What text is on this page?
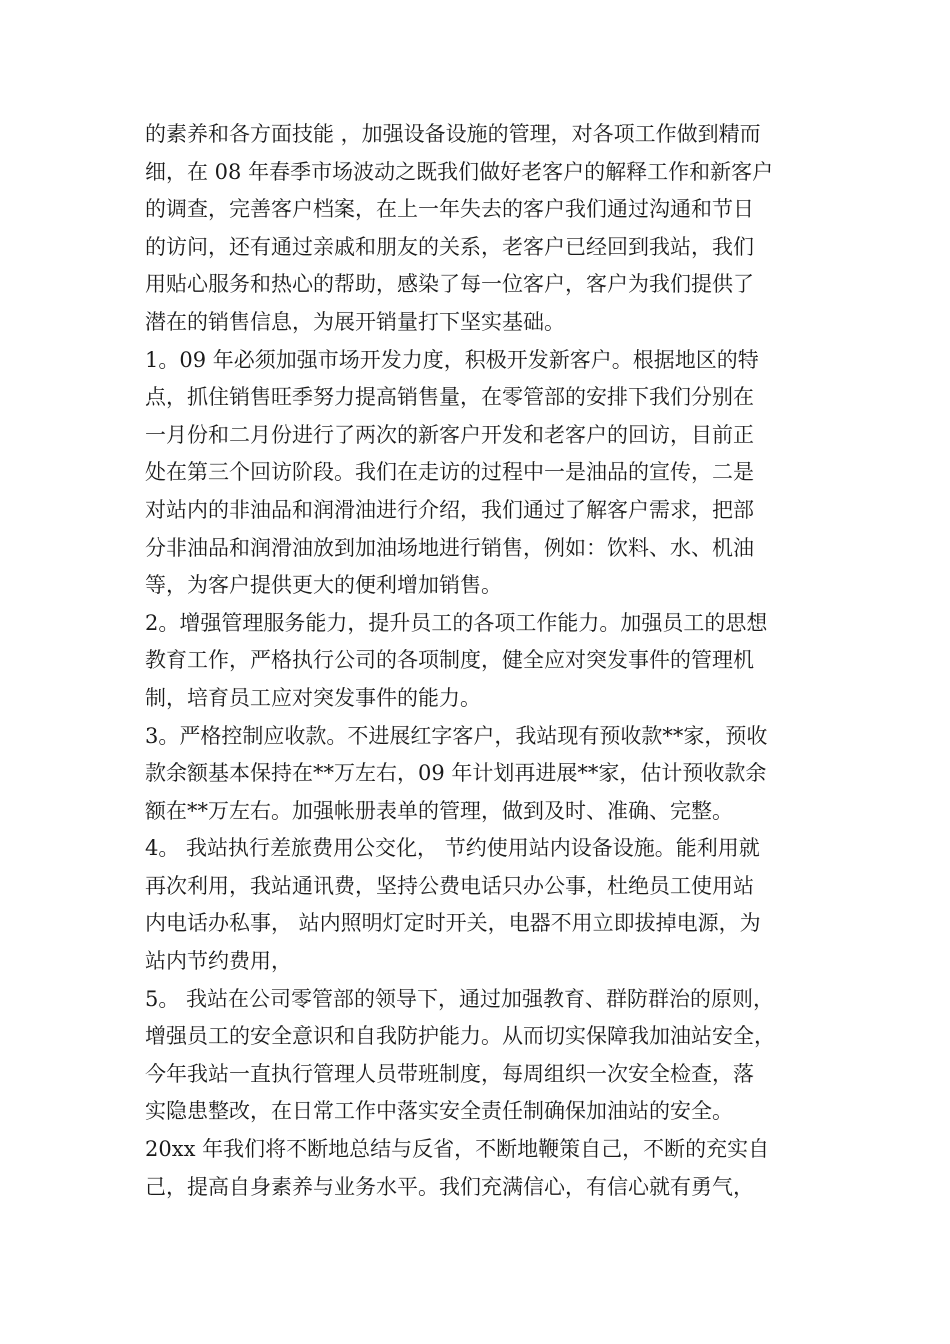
的素养和各方面技能 ，加强设备设施的管理，对各项工作做到精而
细，在 08 年春季市场波动之既我们做好老客户的解释工作和新客户
的调查，完善客户档案，在上一年失去的客户我们通过沟通和节日
的访问，还有通过亲戚和朋友的关系，老客户已经回到我站，我们
用贴心服务和热心的帮助，感染了每一位客户，客户为我们提供了
潜在的销售信息，为展开销量打下坚实基础。
1。09 年必须加强市场开发力度，积极开发新客户。根据地区的特
点，抓住销售旺季努力提高销售量，在零管部的安排下我们分别在
一月份和二月份进行了两次的新客户开发和老客户的回访，目前正
处在第三个回访阶段。我们在走访的过程中一是油品的宣传，二是
对站内的非油品和润滑油进行介绍，我们通过了解客户需求，把部
分非油品和润滑油放到加油场地进行销售，例如：饮料、水、机油
等，为客户提供更大的便利增加销售。
2。增强管理服务能力，提升员工的各项工作能力。加强员工的思想
教育工作，严格执行公司的各项制度，健全应对突发事件的管理机
制，培育员工应对突发事件的能力。
3。严格控制应收款。不进展红字客户，我站现有预收款**家，预收
款余额基本保持在**万左右，09 年计划再进展**家，估计预收款余
额在**万左右。加强帐册表单的管理，做到及时、准确、完整。
4。 我站执行差旅费用公交化， 节约使用站内设备设施。能利用就
再次利用，我站通讯费，坚持公费电话只办公事，杜绝员工使用站
内电话办私事， 站内照明灯定时开关，电器不用立即拔掉电源，为
站内节约费用，
5。 我站在公司零管部的领导下，通过加强教育、群防群治的原则，
增强员工的安全意识和自我防护能力。从而切实保障我加油站安全，
今年我站一直执行管理人员带班制度，每周组织一次安全检查，落
实隐患整改，在日常工作中落实安全责任制确保加油站的安全。
20xx 年我们将不断地总结与反省，不断地鞭策自己，不断的充实自
己，提高自身素养与业务水平。我们充满信心，有信心就有勇气，
